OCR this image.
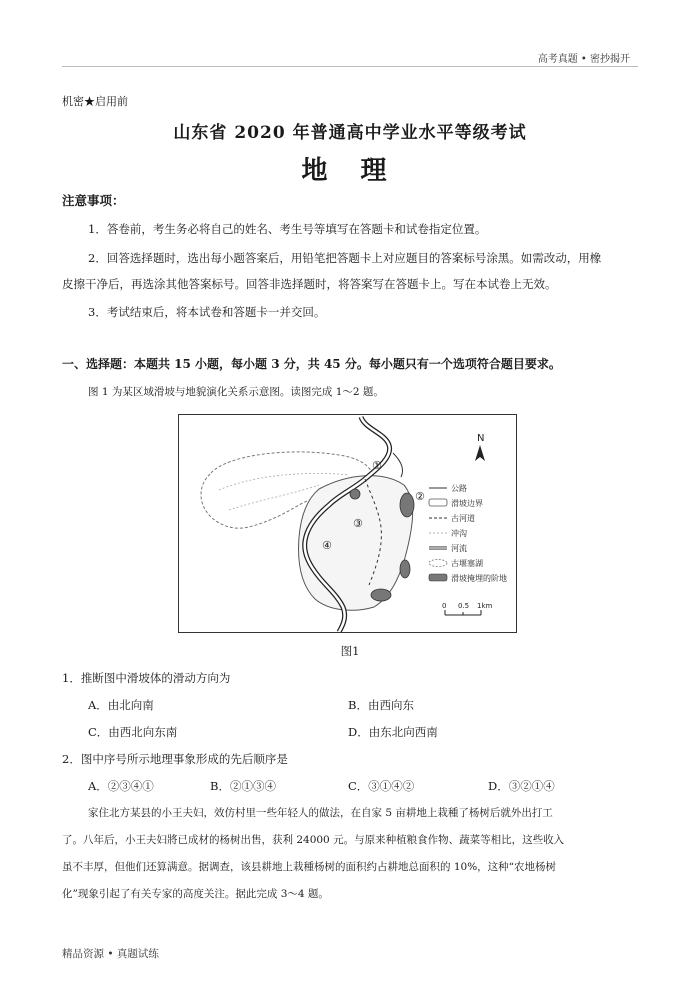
高考真题 • 密抄揭开
机密★启用前
山东省 2020 年普通高中学业水平等级考试
地 理
注意事项：
1．答卷前，考生务必将自己的姓名、考生号等填写在答题卡和试卷指定位置。
2．回答选择题时，选出每小题答案后，用铅笔把答题卡上对应题目的答案标号涂黑。如需改动，用橡
皮擦干净后，再选涂其他答案标号。回答非选择题时，将答案写在答题卡上。写在本试卷上无效。
3．考试结束后，将本试卷和答题卡一并交回。
一、选择题：本题共 15 小题，每小题 3 分，共 45 分。每小题只有一个选项符合题目要求。
图 1 为某区域滑坡与地貌演化关系示意图。读图完成 1～2 题。
①
②
③
④
N
公路
滑坡边界
古河道
冲沟
河流
古堰塞湖
滑坡掩埋的阶地
0 0.5 1km
图1
1．推断图中滑坡体的滑动方向为
A．由北向南	B．由西向东
C．由西北向东南	D．由东北向西南
2．图中序号所示地理事象形成的先后顺序是
A．②③④①	B．②①③④	C．③①④②	D．③②①④
家住北方某县的小王夫妇，效仿村里一些年轻人的做法，在自家 5 亩耕地上栽種了杨树后就外出打工
了。八年后，小王夫妇將已成材的杨树出售，获利 24000 元。与原来种植粮食作物、蔬菜等相比，这些收入
虽不丰厚，但他们还算满意。据调查，该县耕地上栽種杨树的面积约占耕地总面积的 10%，这种“农地杨树
化”现象引起了有关专家的高度关注。据此完成 3～4 题。
精品资源 • 真题试练
